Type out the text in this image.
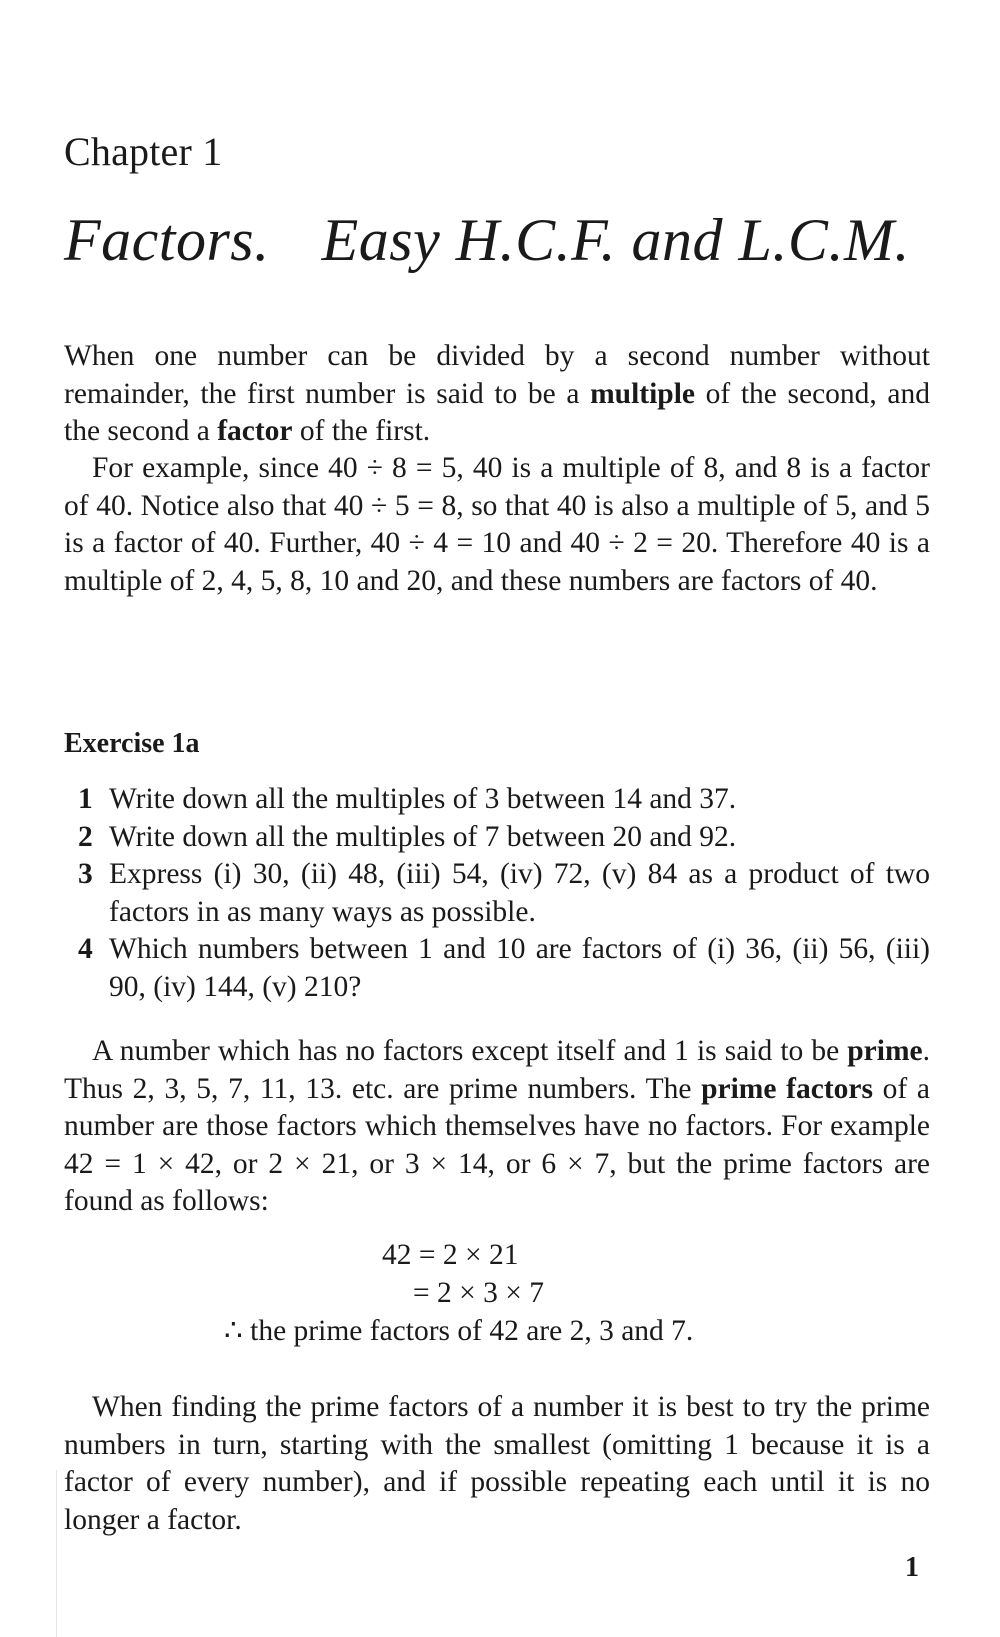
Chapter 1
Factors. Easy H.C.F. and L.C.M.

When one number can be divided by a second number without remainder, the first number is said to be a multiple of the second, and the second a factor of the first.

For example, since 40 ÷ 8 = 5, 40 is a multiple of 8, and 8 is a factor of 40. Notice also that 40 ÷ 5 = 8, so that 40 is also a multiple of 5, and 5 is a factor of 40. Further, 40 ÷ 4 = 10 and 40 ÷ 2 = 20. Therefore 40 is a multiple of 2, 4, 5, 8, 10 and 20, and these numbers are factors of 40.

Exercise 1a
1 Write down all the multiples of 3 between 14 and 37.
2 Write down all the multiples of 7 between 20 and 92.
3 Express (i) 30, (ii) 48, (iii) 54, (iv) 72, (v) 84 as a product of two factors in as many ways as possible.
4 Which numbers between 1 and 10 are factors of (i) 36, (ii) 56, (iii) 90, (iv) 144, (v) 210?

A number which has no factors except itself and 1 is said to be prime. Thus 2, 3, 5, 7, 11, 13. etc. are prime numbers. The prime factors of a number are those factors which themselves have no factors. For example 42 = 1 × 42, or 2 × 21, or 3 × 14, or 6 × 7, but the prime factors are found as follows:

42 = 2 × 21
= 2 × 3 × 7
∴ the prime factors of 42 are 2, 3 and 7.

When finding the prime factors of a number it is best to try the prime numbers in turn, starting with the smallest (omitting 1 because it is a factor of every number), and if possible repeating each until it is no longer a factor.

1
